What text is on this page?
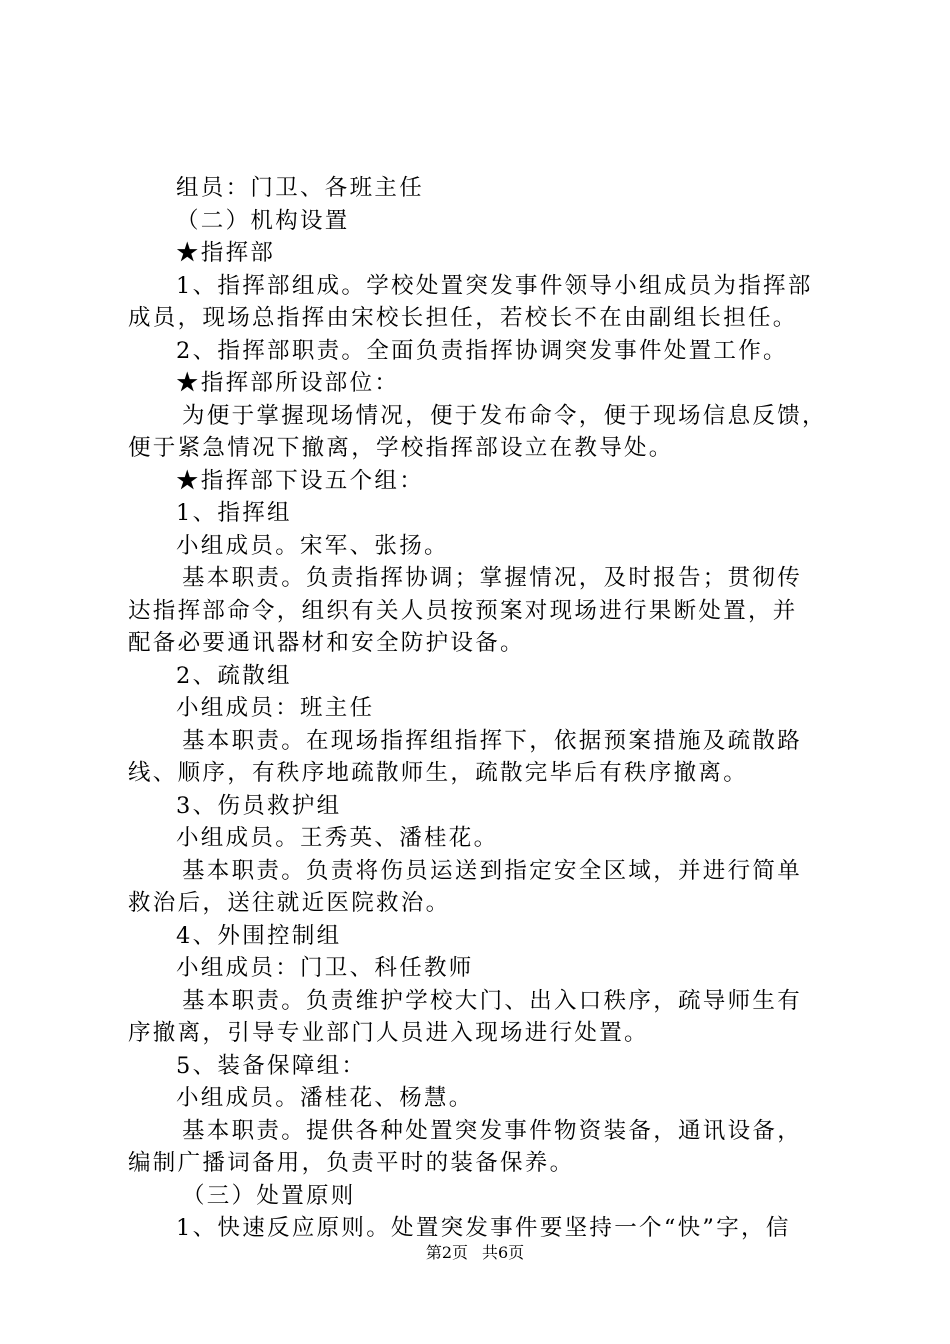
组员：门卫、各班主任
（二）机构设置
★指挥部
1、指挥部组成。学校处置突发事件领导小组成员为指挥部
成员，现场总指挥由宋校长担任，若校长不在由副组长担任。
2、指挥部职责。全面负责指挥协调突发事件处置工作。
★指挥部所设部位：
为便于掌握现场情况，便于发布命令，便于现场信息反馈，
便于紧急情况下撤离，学校指挥部设立在教导处。
★指挥部下设五个组：
1、指挥组
小组成员。宋军、张扬。
基本职责。负责指挥协调；掌握情况，及时报告；贯彻传
达指挥部命令，组织有关人员按预案对现场进行果断处置，并
配备必要通讯器材和安全防护设备。
2、疏散组
小组成员：班主任
基本职责。在现场指挥组指挥下，依据预案措施及疏散路
线、顺序，有秩序地疏散师生，疏散完毕后有秩序撤离。
3、伤员救护组
小组成员。王秀英、潘桂花。
基本职责。负责将伤员运送到指定安全区域，并进行简单
救治后，送往就近医院救治。
4、外围控制组
小组成员：门卫、科任教师
基本职责。负责维护学校大门、出入口秩序，疏导师生有
序撤离，引导专业部门人员进入现场进行处置。
5、装备保障组：
小组成员。潘桂花、杨慧。
基本职责。提供各种处置突发事件物资装备，通讯设备，
编制广播词备用，负责平时的装备保养。
（三）处置原则
1、快速反应原则。处置突发事件要坚持一个“快”字，信
第2页 共6页
